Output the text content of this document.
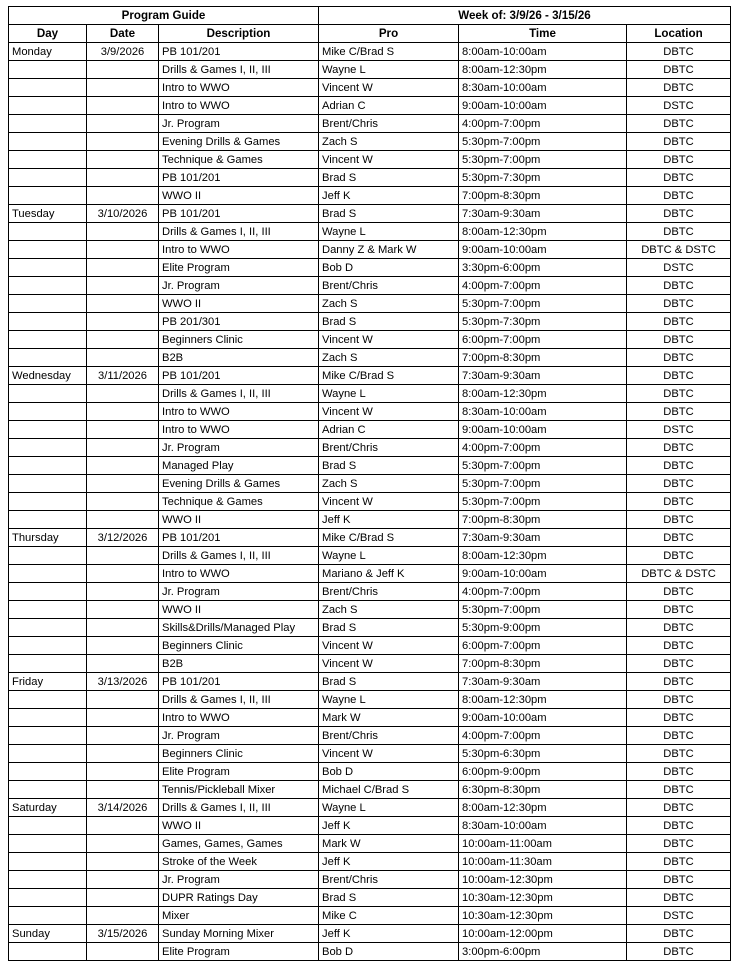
Program Guide			Week of: 3/9/26 - 3/15/26		
Day	Date	Description	Pro	Time	Location
Monday	3/9/2026	PB 101/201	Mike C/Brad S	8:00am-10:00am	DBTC
		Drills & Games I, II, III	Wayne L	8:00am-12:30pm	DBTC
		Intro to WWO	Vincent W	8:30am-10:00am	DBTC
		Intro to WWO	Adrian C	9:00am-10:00am	DSTC
		Jr. Program	Brent/Chris	4:00pm-7:00pm	DBTC
		Evening Drills & Games	Zach S	5:30pm-7:00pm	DBTC
		Technique & Games	Vincent W	5:30pm-7:00pm	DBTC
		PB 101/201	Brad S	5:30pm-7:30pm	DBTC
		WWO II	Jeff K	7:00pm-8:30pm	DBTC
Tuesday	3/10/2026	PB 101/201	Brad S	7:30am-9:30am	DBTC
		Drills & Games I, II, III	Wayne L	8:00am-12:30pm	DBTC
		Intro to WWO	Danny Z & Mark W	9:00am-10:00am	DBTC & DSTC
		Elite Program	Bob D	3:30pm-6:00pm	DSTC
		Jr. Program	Brent/Chris	4:00pm-7:00pm	DBTC
		WWO II	Zach S	5:30pm-7:00pm	DBTC
		PB 201/301	Brad S	5:30pm-7:30pm	DBTC
		Beginners Clinic	Vincent W	6:00pm-7:00pm	DBTC
		B2B	Zach S	7:00pm-8:30pm	DBTC
Wednesday	3/11/2026	PB 101/201	Mike C/Brad S	7:30am-9:30am	DBTC
		Drills & Games I, II, III	Wayne L	8:00am-12:30pm	DBTC
		Intro to WWO	Vincent W	8:30am-10:00am	DBTC
		Intro to WWO	Adrian C	9:00am-10:00am	DSTC
		Jr. Program	Brent/Chris	4:00pm-7:00pm	DBTC
		Managed Play	Brad S	5:30pm-7:00pm	DBTC
		Evening Drills & Games	Zach S	5:30pm-7:00pm	DBTC
		Technique & Games	Vincent W	5:30pm-7:00pm	DBTC
		WWO II	Jeff K	7:00pm-8:30pm	DBTC
Thursday	3/12/2026	PB 101/201	Mike C/Brad S	7:30am-9:30am	DBTC
		Drills & Games I, II, III	Wayne L	8:00am-12:30pm	DBTC
		Intro to WWO	Mariano & Jeff K	9:00am-10:00am	DBTC & DSTC
		Jr. Program	Brent/Chris	4:00pm-7:00pm	DBTC
		WWO II	Zach S	5:30pm-7:00pm	DBTC
		Skills&Drills/Managed Play	Brad S	5:30pm-9:00pm	DBTC
		Beginners Clinic	Vincent W	6:00pm-7:00pm	DBTC
		B2B	Vincent W	7:00pm-8:30pm	DBTC
Friday	3/13/2026	PB 101/201	Brad S	7:30am-9:30am	DBTC
		Drills & Games I, II, III	Wayne L	8:00am-12:30pm	DBTC
		Intro to WWO	Mark W	9:00am-10:00am	DBTC
		Jr. Program	Brent/Chris	4:00pm-7:00pm	DBTC
		Beginners Clinic	Vincent W	5:30pm-6:30pm	DBTC
		Elite Program	Bob D	6:00pm-9:00pm	DBTC
		Tennis/Pickleball Mixer	Michael C/Brad S	6:30pm-8:30pm	DBTC
Saturday	3/14/2026	Drills & Games I, II, III	Wayne L	8:00am-12:30pm	DBTC
		WWO II	Jeff K	8:30am-10:00am	DBTC
		Games, Games, Games	Mark W	10:00am-11:00am	DBTC
		Stroke of the Week	Jeff K	10:00am-11:30am	DBTC
		Jr. Program	Brent/Chris	10:00am-12:30pm	DBTC
		DUPR Ratings Day	Brad S	10:30am-12:30pm	DBTC
		Mixer	Mike C	10:30am-12:30pm	DSTC
Sunday	3/15/2026	Sunday Morning Mixer	Jeff K	10:00am-12:00pm	DBTC
		Elite Program	Bob D	3:00pm-6:00pm	DBTC
